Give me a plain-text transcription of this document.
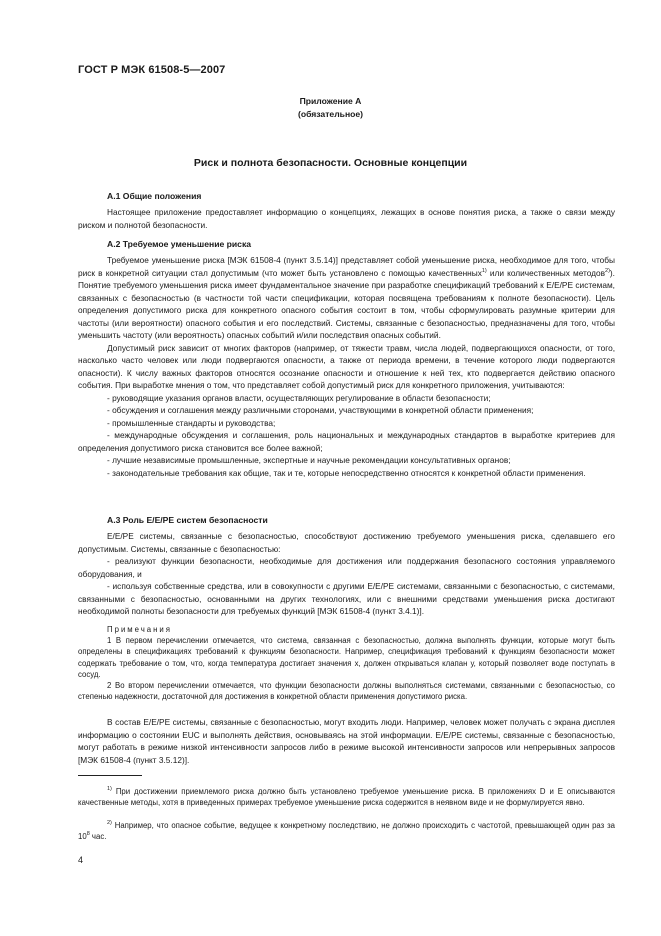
ГОСТ Р МЭК 61508-5—2007
Приложение А
(обязательное)
Риск и полнота безопасности. Основные концепции
А.1 Общие положения

Настоящее приложение предоставляет информацию о концепциях, лежащих в основе понятия риска, а также о связи между риском и полнотой безопасности.

А.2 Требуемое уменьшение риска

Требуемое уменьшение риска [МЭК 61508-4 (пункт 3.5.14)] представляет собой уменьшение риска, необходимое для того, чтобы риск в конкретной ситуации стал допустимым (что может быть установлено с помощью качественных$^{1)}$ или количественных методов$^{2)}$). Понятие требуемого уменьшения риска имеет фундаментальное значение при разработке спецификаций требований к Е/Е/РЕ системам, связанных с безопасностью (в частности той части спецификации, которая посвящена требованиям к полноте безопасности). Цель определения допустимого риска для конкретного опасного события состоит в том, чтобы сформулировать разумные критерии для частоты (или вероятности) опасного события и его последствий. Системы, связанные с безопасностью, предназначены для того, чтобы уменьшить частоту (или вероятность) опасных событий и/или последствия опасных событий.

Допустимый риск зависит от многих факторов (например, от тяжести травм, числа людей, подвергающихся опасности, от того, насколько часто человек или люди подвергаются опасности, а также от периода времени, в течение которого люди подвергаются опасности). К числу важных факторов относятся осознание опасности и отношение к ней тех, кто подвергается действию опасного события. При выработке мнения о том, что представляет собой допустимый риск для конкретного приложения, учитываются:

- руководящие указания органов власти, осуществляющих регулирование в области безопасности;

- обсуждения и соглашения между различными сторонами, участвующими в конкретной области применения;

- промышленные стандарты и руководства;

- международные обсуждения и соглашения, роль национальных и международных стандартов в выработке критериев для определения допустимого риска становится все более важной;

- лучшие независимые промышленные, экспертные и научные рекомендации консультативных органов;

- законодательные требования как общие, так и те, которые непосредственно относятся к конкретной области применения.

А.3 Роль Е/Е/РЕ систем безопасности

Е/Е/РЕ системы, связанные с безопасностью, способствуют достижению требуемого уменьшения риска, сделавшего его допустимым. Системы, связанные с безопасностью:

- реализуют функции безопасности, необходимые для достижения или поддержания безопасного состояния управляемого оборудования, и

- используя собственные средства, или в совокупности с другими Е/Е/РЕ системами, связанными с безопасностью, с системами, связанными с безопасностью, основанными на других технологиях, или с внешними средствами уменьшения риска достигают необходимой полноты безопасности для требуемых функций [МЭК 61508-4 (пункт 3.4.1)].

Примечания

1 В первом перечислении отмечается, что система, связанная с безопасностью, должна выполнять функции, которые могут быть определены в спецификациях требований к функциям безопасности. Например, спецификация требований к функциям безопасности может содержать требование о том, что, когда температура достигает значения х, должен открываться клапан у, который позволяет воде поступать в сосуд.

2 Во втором перечислении отмечается, что функции безопасности должны выполняться системами, связанными с безопасностью, со степенью надежности, достаточной для достижения в конкретной области применения допустимого риска.

В состав Е/Е/РЕ системы, связанные с безопасностью, могут входить люди. Например, человек может получать с экрана дисплея информацию о состоянии EUC и выполнять действия, основываясь на этой информации. Е/Е/РЕ системы, связанные с безопасностью, могут работать в режиме низкой интенсивности запросов либо в режиме высокой интенсивности запросов или непрерывных запросов [МЭК 61508-4 (пункт 3.5.12)].

$^{1)}$ При достижении приемлемого риска должно быть установлено требуемое уменьшение риска. В приложениях D и Е описываются качественные методы, хотя в приведенных примерах требуемое уменьшение риска содержится в неявном виде и не формулируется явно.

$^{2)}$ Например, что опасное событие, ведущее к конкретному последствию, не должно происходить с частотой, превышающей один раз за $10^8$ час.

4
